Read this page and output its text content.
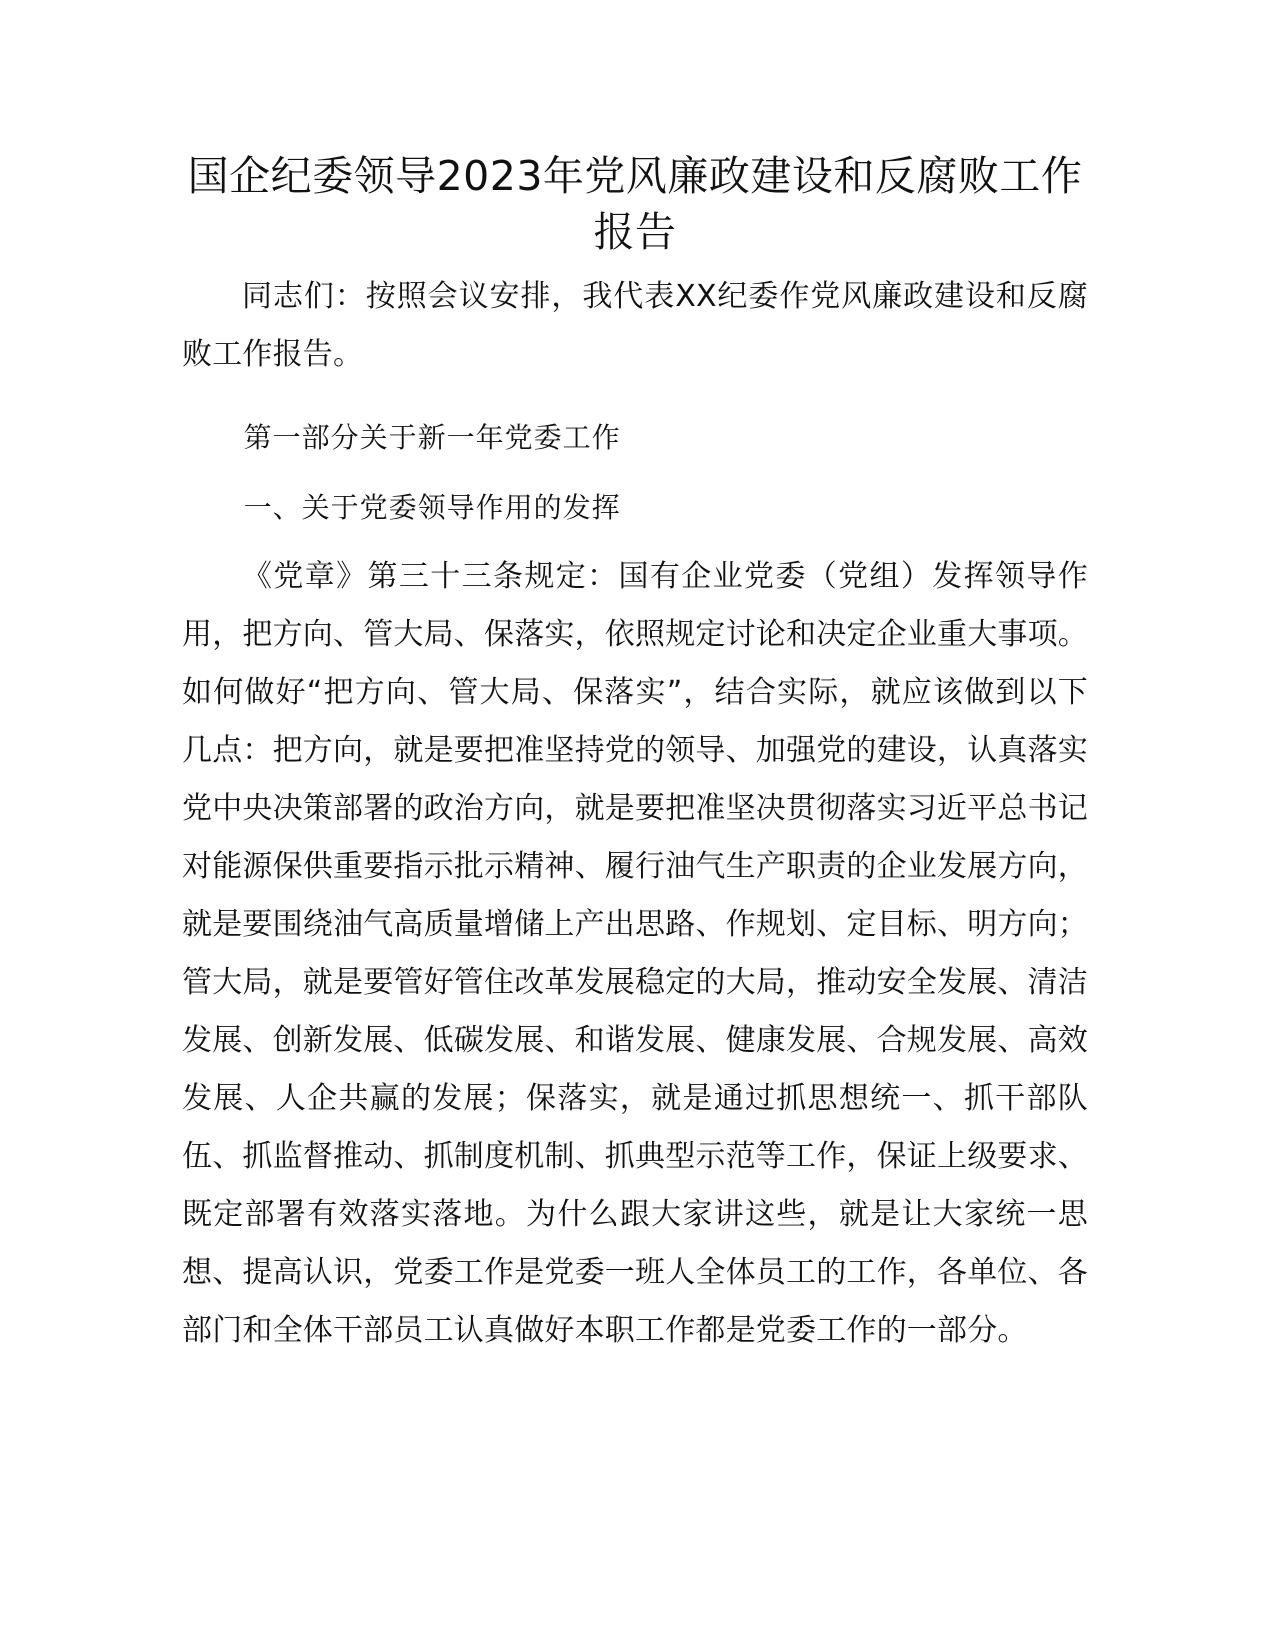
国企纪委领导2023年党风廉政建设和反腐败工作报告

同志们：按照会议安排，我代表XX纪委作党风廉政建设和反腐败工作报告。

第一部分关于新一年党委工作
一、关于党委领导作用的发挥

《党章》第三十三条规定：国有企业党委（党组）发挥领导作用，把方向、管大局、保落实，依照规定讨论和决定企业重大事项。如何做好“把方向、管大局、保落实”，结合实际，就应该做到以下几点：把方向，就是要把准坚持党的领导、加强党的建设，认真落实党中央决策部署的政治方向，就是要把准坚决贯彻落实习近平总书记对能源保供重要指示批示精神、履行油气生产职责的企业发展方向，就是要围绕油气高质量增储上产出思路、作规划、定目标、明方向；管大局，就是要管好管住改革发展稳定的大局，推动安全发展、清洁发展、创新发展、低碳发展、和谐发展、健康发展、合规发展、高效发展、人企共赢的发展；保落实，就是通过抓思想统一、抓干部队伍、抓监督推动、抓制度机制、抓典型示范等工作，保证上级要求、既定部署有效落实落地。为什么跟大家讲这些，就是让大家统一思想、提高认识，党委工作是党委一班人全体员工的工作，各单位、各部门和全体干部员工认真做好本职工作都是党委工作的一部分。
